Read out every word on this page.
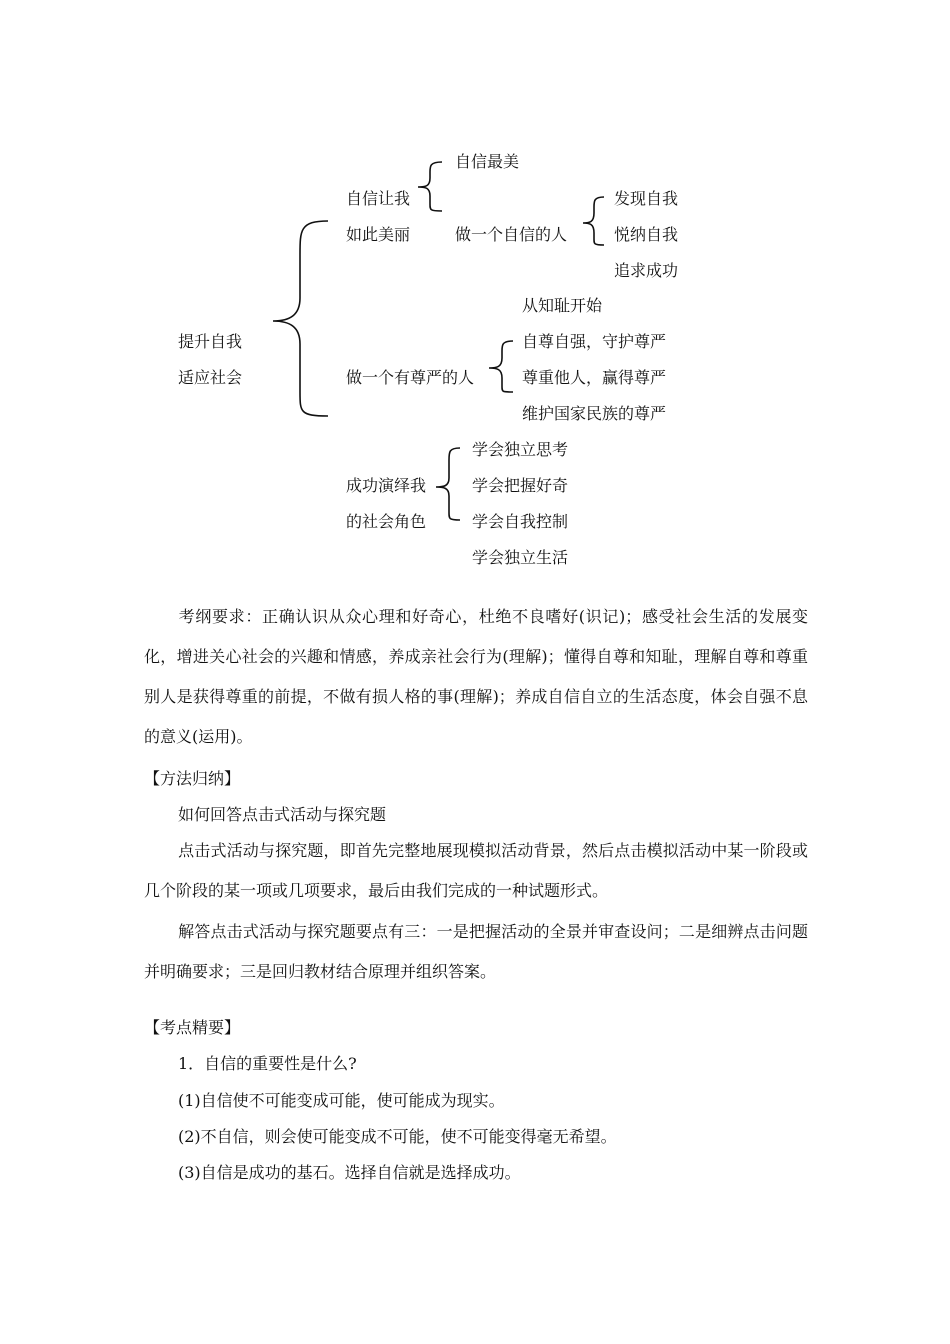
提升自我
适应社会
自信让我
如此美丽
自信最美
做一个自信的人
发现自我
悦纳自我
追求成功
做一个有尊严的人
从知耻开始
自尊自强，守护尊严
尊重他人，赢得尊严
维护国家民族的尊严
成功演绎我
的社会角色
学会独立思考
学会把握好奇
学会自我控制
学会独立生活
考纲要求：正确认识从众心理和好奇心，杜绝不良嗜好(识记)；感受社会生活的发展变化，增进关心社会的兴趣和情感，养成亲社会行为(理解)；懂得自尊和知耻，理解自尊和尊重别人是获得尊重的前提，不做有损人格的事(理解)；养成自信自立的生活态度，体会自强不息的意义(运用)。
【方法归纳】
如何回答点击式活动与探究题
点击式活动与探究题，即首先完整地展现模拟活动背景，然后点击模拟活动中某一阶段或几个阶段的某一项或几项要求，最后由我们完成的一种试题形式。
解答点击式活动与探究题要点有三：一是把握活动的全景并审查设问；二是细辨点击问题并明确要求；三是回归教材结合原理并组织答案。
【考点精要】
1．自信的重要性是什么?
(1)自信使不可能变成可能，使可能成为现实。
(2)不自信，则会使可能变成不可能，使不可能变得毫无希望。
(3)自信是成功的基石。选择自信就是选择成功。
